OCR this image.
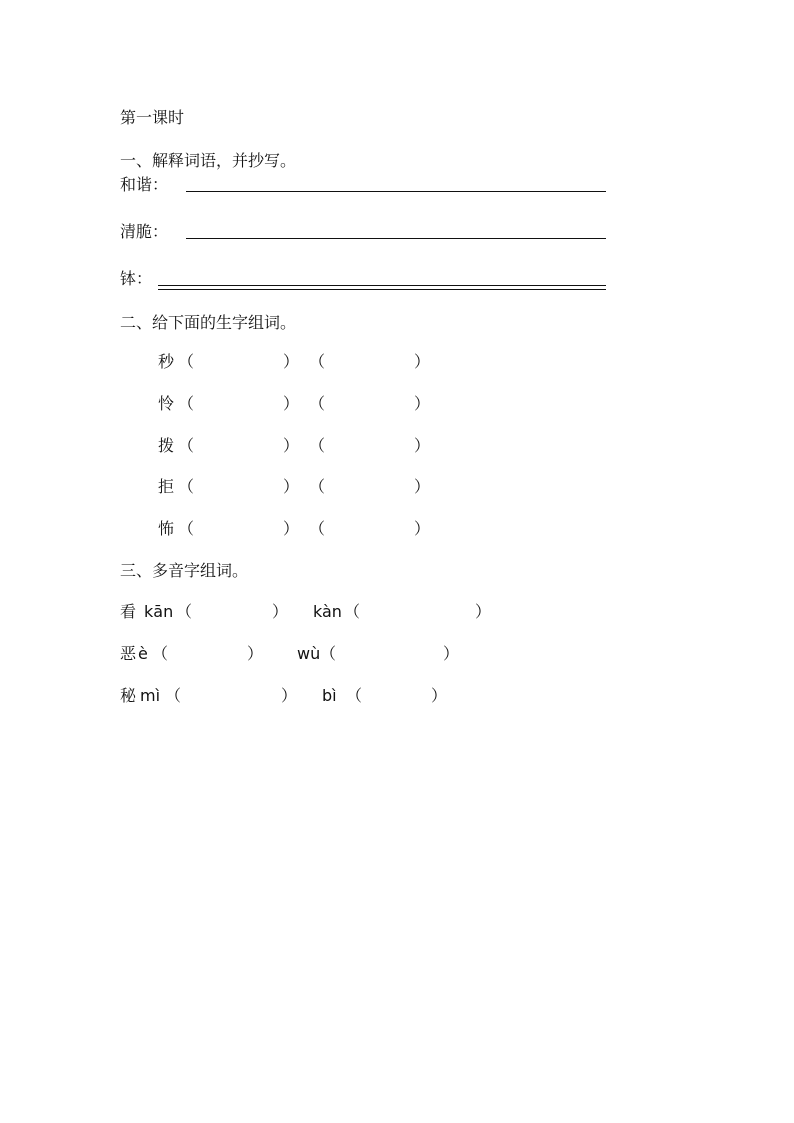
第一课时
一、解释词语，并抄写。
和谐：
清脆：
钵：
二、给下面的生字组词。
秒 （	） （	）
怜 （	） （	）
拨 （	） （	）
拒 （	） （	）
怖 （	） （	）
三、多音字组词。
看 kān （	） kàn （	）
恶 è （	） wù （	）
秘 mì （	） bì （	）
